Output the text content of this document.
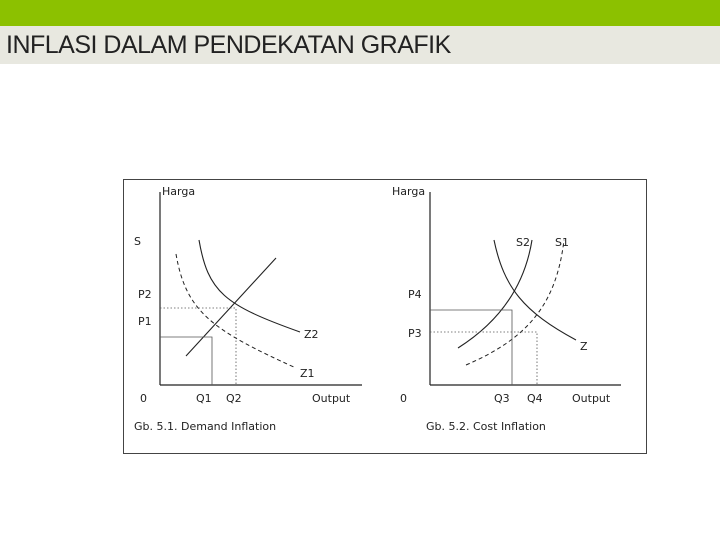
INFLASI DALAM PENDEKATAN GRAFIK
Harga
S
P2
P1
0	Q1 Q2	Output
Z2
Z1
Harga
S2 S1
P4
P3
0	Q3 Q4	Output
Z
Gb. 5.1. Demand Inflation	Gb. 5.2. Cost Inflation
